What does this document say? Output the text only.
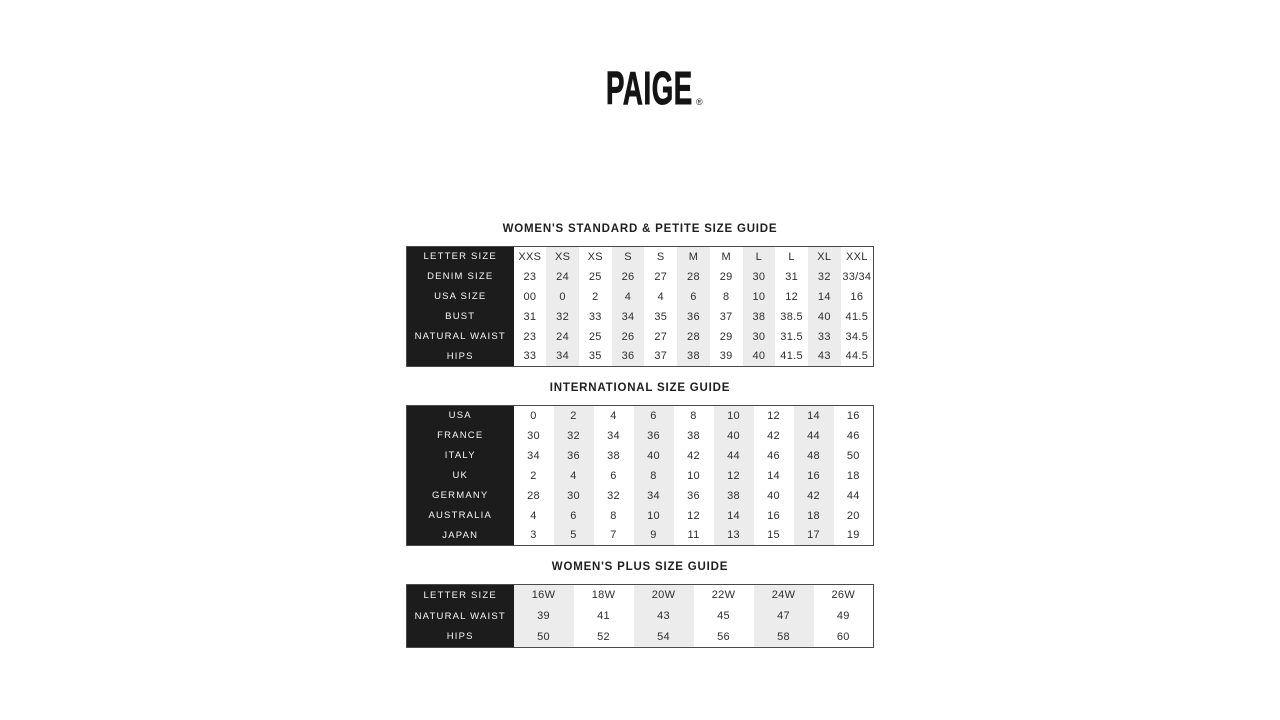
PAIGE ®
WOMEN'S STANDARD & PETITE SIZE GUIDE
LETTER SIZE	XXS	XS	XS	S	S	M	M	L	L	XL	XXL
DENIM SIZE	23	24	25	26	27	28	29	30	31	32	33/34
USA SIZE	00	0	2	4	4	6	8	10	12	14	16
BUST	31	32	33	34	35	36	37	38	38.5	40	41.5
NATURAL WAIST	23	24	25	26	27	28	29	30	31.5	33	34.5
HIPS	33	34	35	36	37	38	39	40	41.5	43	44.5
INTERNATIONAL SIZE GUIDE
USA	0	2	4	6	8	10	12	14	16
FRANCE	30	32	34	36	38	40	42	44	46
ITALY	34	36	38	40	42	44	46	48	50
UK	2	4	6	8	10	12	14	16	18
GERMANY	28	30	32	34	36	38	40	42	44
AUSTRALIA	4	6	8	10	12	14	16	18	20
JAPAN	3	5	7	9	11	13	15	17	19
WOMEN'S PLUS SIZE GUIDE
LETTER SIZE	16W	18W	20W	22W	24W	26W
NATURAL WAIST	39	41	43	45	47	49
HIPS	50	52	54	56	58	60
